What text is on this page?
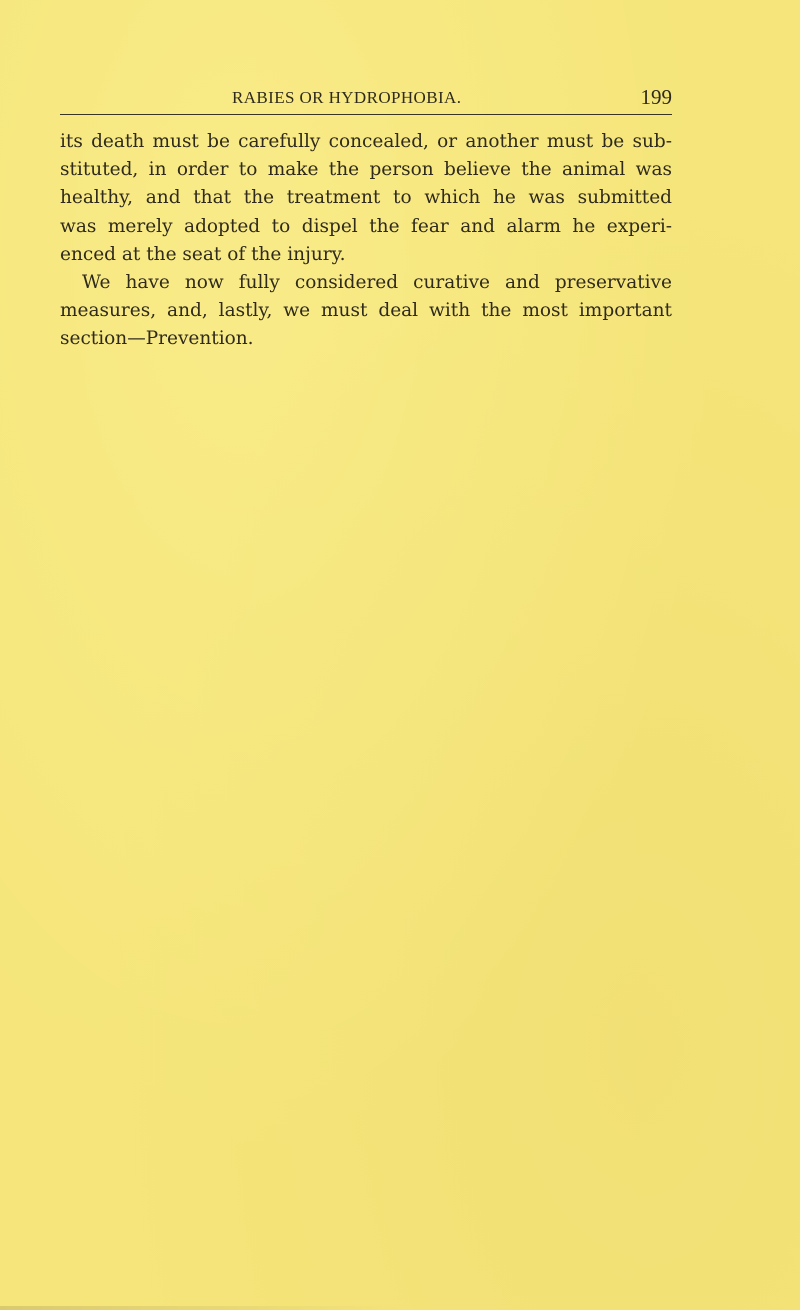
RABIES OR HYDROPHOBIA.	199

its death must be carefully concealed, or another must be sub-
stituted, in order to make the person believe the animal was
healthy, and that the treatment to which he was submitted
was merely adopted to dispel the fear and alarm he experi-
enced at the seat of the injury.

We have now fully considered curative and preservative
measures, and, lastly, we must deal with the most important
section—Prevention.
